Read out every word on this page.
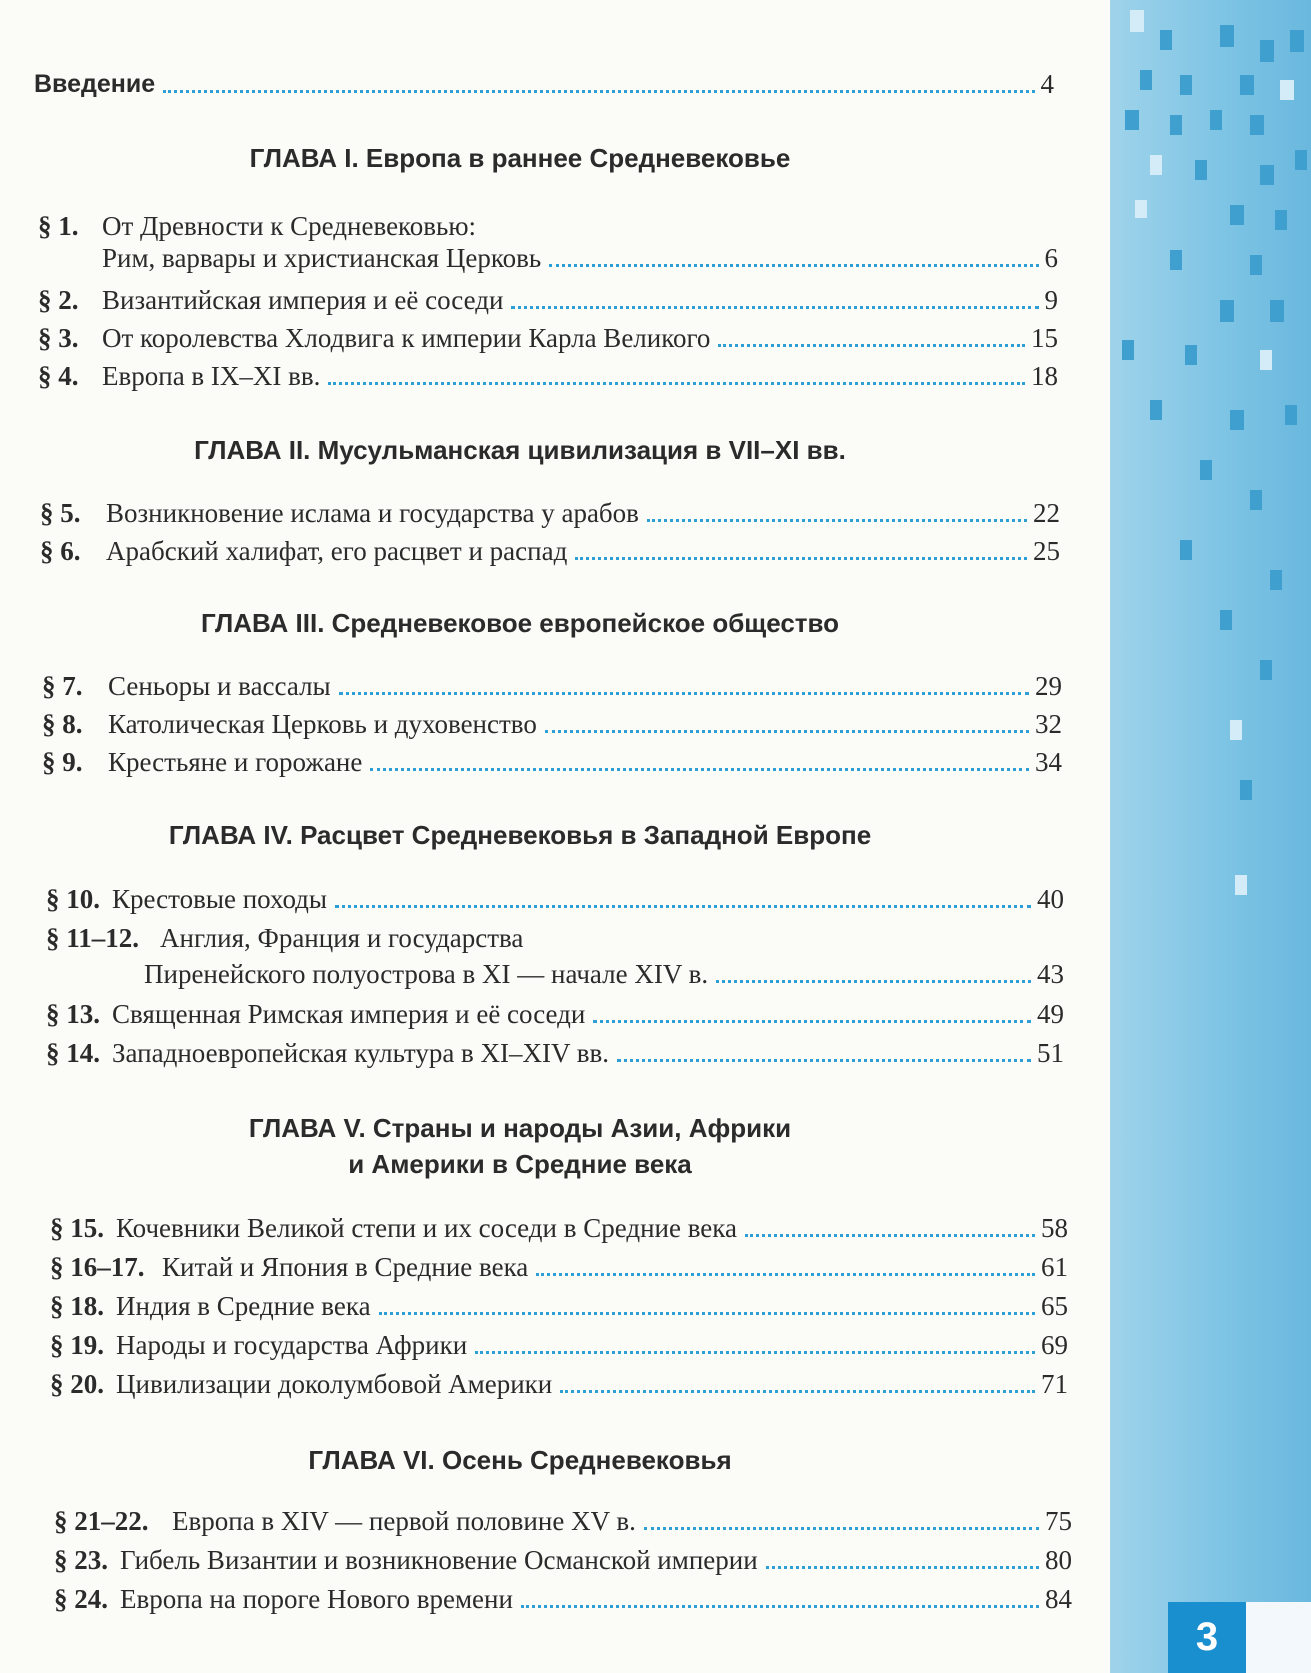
Введение	4
ГЛАВА I. Европа в раннее Средневековье
§ 1. От Древности к Средневековью:
Рим, варвары и христианская Церковь	6
§ 2. Византийская империя и её соседи	9
§ 3. От королевства Хлодвига к империи Карла Великого	15
§ 4. Европа в IX–XI вв.	18
ГЛАВА II. Мусульманская цивилизация в VII–XI вв.
§ 5. Возникновение ислама и государства у арабов	22
§ 6. Арабский халифат, его расцвет и распад	25
ГЛАВА III. Средневековое европейское общество
§ 7. Сеньоры и вассалы	29
§ 8. Католическая Церковь и духовенство	32
§ 9. Крестьяне и горожане	34
ГЛАВА IV. Расцвет Средневековья в Западной Европе
§ 10. Крестовые походы	40
§ 11–12. Англия, Франция и государства
Пиренейского полуострова в XI — начале XIV в.	43
§ 13. Священная Римская империя и её соседи	49
§ 14. Западноевропейская культура в XI–XIV вв.	51
ГЛАВА V. Страны и народы Азии, Африки
и Америки в Средние века
§ 15. Кочевники Великой степи и их соседи в Средние века	58
§ 16–17. Китай и Япония в Средние века	61
§ 18. Индия в Средние века	65
§ 19. Народы и государства Африки	69
§ 20. Цивилизации доколумбовой Америки	71
ГЛАВА VI. Осень Средневековья
§ 21–22. Европа в XIV — первой половине XV в.	75
§ 23. Гибель Византии и возникновение Османской империи	80
§ 24. Европа на пороге Нового времени	84
3
